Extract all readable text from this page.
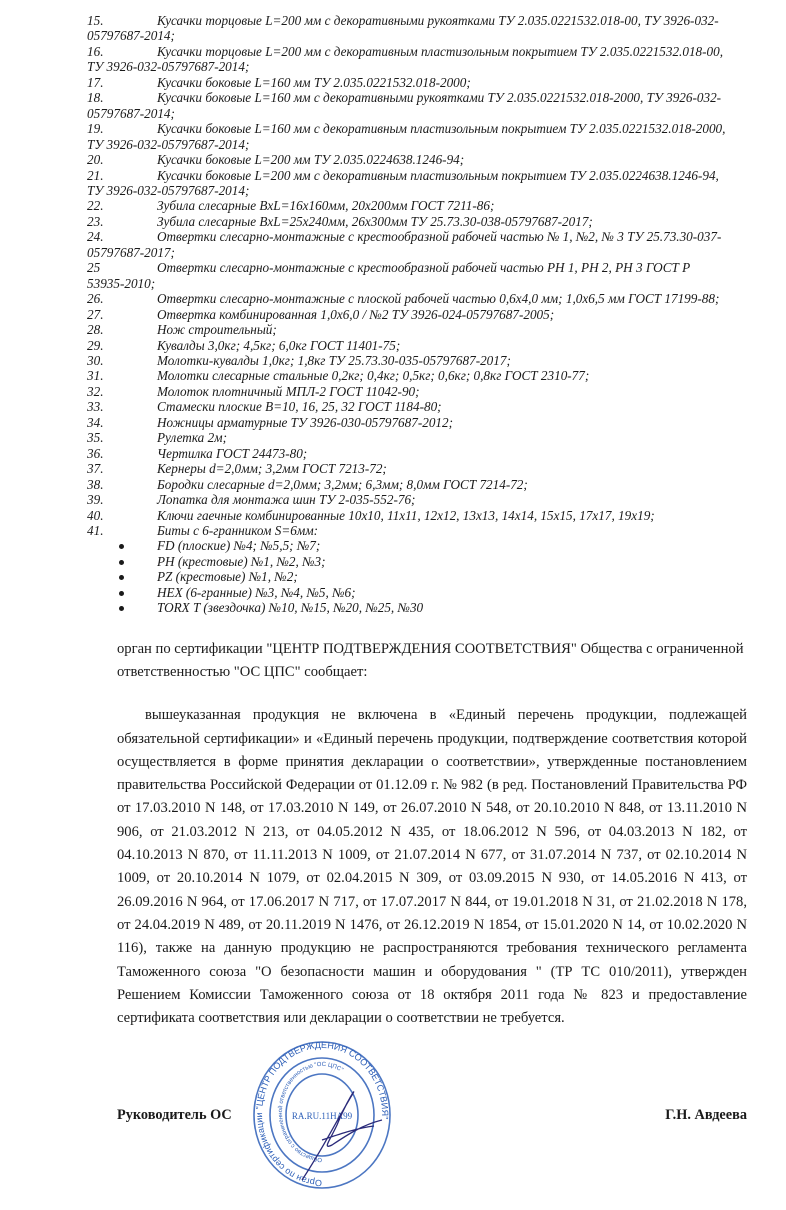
15.	Кусачки торцовые L=200 мм с декоративными рукоятками ТУ 2.035.0221532.018-00, ТУ 3926-032-05797687-2014;

16.	Кусачки торцовые L=200 мм с декоративным пластизольным покрытием ТУ 2.035.0221532.018-00, ТУ 3926-032-05797687-2014;

17.	Кусачки боковые L=160 мм ТУ 2.035.0221532.018-2000;

18.	Кусачки боковые L=160 мм с декоративными рукоятками ТУ 2.035.0221532.018-2000, ТУ 3926-032-05797687-2014;

19.	Кусачки боковые L=160 мм с декоративным пластизольным покрытием ТУ 2.035.0221532.018-2000, ТУ 3926-032-05797687-2014;

20.	Кусачки боковые L=200 мм ТУ 2.035.0224638.1246-94;

21.	Кусачки боковые L=200 мм с декоративным пластизольным покрытием ТУ 2.035.0224638.1246-94, ТУ 3926-032-05797687-2014;

22.	Зубила слесарные BxL=16x160мм, 20x200мм ГОСТ 7211-86;

23.	Зубила слесарные BxL=25x240мм, 26x300мм ТУ 25.73.30-038-05797687-2017;

24.	Отвертки слесарно-монтажные с крестообразной рабочей частью № 1, №2, № 3 ТУ 25.73.30-037-05797687-2017;

25	Отвертки слесарно-монтажные с крестообразной рабочей частью РН 1, РН 2, РН 3 ГОСТ Р 53935-2010;

26.	Отвертки слесарно-монтажные с плоской рабочей частью 0,6х4,0 мм; 1,0х6,5 мм ГОСТ 17199-88;

27.	Отвертка комбинированная 1,0х6,0 / №2 ТУ 3926-024-05797687-2005;

28.	Нож строительный;

29.	Кувалды 3,0кг; 4,5кг; 6,0кг ГОСТ 11401-75;

30.	Молотки-кувалды 1,0кг; 1,8кг ТУ 25.73.30-035-05797687-2017;

31.	Молотки слесарные стальные 0,2кг; 0,4кг; 0,5кг; 0,6кг; 0,8кг ГОСТ 2310-77;

32.	Молоток плотничный МПЛ-2 ГОСТ 11042-90;

33.	Стамески плоские В=10, 16, 25, 32 ГОСТ 1184-80;

34.	Ножницы арматурные ТУ 3926-030-05797687-2012;

35.	Рулетка 2м;

36.	Чертилка ГОСТ 24473-80;

37.	Кернеры d=2,0мм; 3,2мм ГОСТ 7213-72;

38.	Бородки слесарные d=2,0мм; 3,2мм; 6,3мм; 8,0мм ГОСТ 7214-72;

39.	Лопатка для монтажа шин ТУ 2-035-552-76;

40.	Ключи гаечные комбинированные 10x10, 11x11, 12x12, 13x13, 14x14, 15x15, 17x17, 19x19;

41.	Биты с 6-гранником S=6мм:

FD (плоские) №4; №5,5; №7;
PH (крестовые) №1, №2, №3;
PZ (крестовые) №1, №2;
HEX (6-гранные) №3, №4, №5, №6;
TORX T (звездочка) №10, №15, №20, №25, №30

орган по сертификации "ЦЕНТР ПОДТВЕРЖДЕНИЯ СООТВЕТСТВИЯ" Общества с ограниченной ответственностью "ОС ЦПС" сообщает:

вышеуказанная продукция не включена в «Единый перечень продукции, подлежащей обязательной сертификации» и «Единый перечень продукции, подтверждение соответствия которой осуществляется в форме принятия декларации о соответствии», утвержденные постановлением правительства Российской Федерации от 01.12.09 г. № 982 (в ред. Постановлений Правительства РФ от 17.03.2010 N 148, от 17.03.2010 N 149, от 26.07.2010 N 548, от 20.10.2010 N 848, от 13.11.2010 N 906, от 21.03.2012 N 213, от 04.05.2012 N 435, от 18.06.2012 N 596, от 04.03.2013 N 182, от 04.10.2013 N 870, от 11.11.2013 N 1009, от 21.07.2014 N 677, от 31.07.2014 N 737, от 02.10.2014 N 1009, от 20.10.2014 N 1079, от 02.04.2015 N 309, от 03.09.2015 N 930, от 14.05.2016 N 413, от 26.09.2016 N 964, от 17.06.2017 N 717, от 17.07.2017 N 844, от 19.01.2018 N 31, от 21.02.2018 N 178, от 24.04.2019 N 489, от 20.11.2019 N 1476, от 26.12.2019 N 1854, от 15.01.2020 N 14, от 10.02.2020 N 116), также на данную продукцию не распространяются требования технического регламента Таможенного союза "О безопасности машин и оборудования " (ТР ТС 010/2011), утвержден Решением Комиссии Таможенного союза от 18 октября 2011 года № 823 и предоставление сертификата соответствия или декларации о соответствии не требуется.

Руководитель ОС
Орган по сертификации "ЦЕНТР ПОДТВЕРЖДЕНИЯ СООТВЕТСТВИЯ"
Общество с ограниченной ответственностью "ОС ЦПС"
RA.RU.11HA99	Г.Н. Авдеева
